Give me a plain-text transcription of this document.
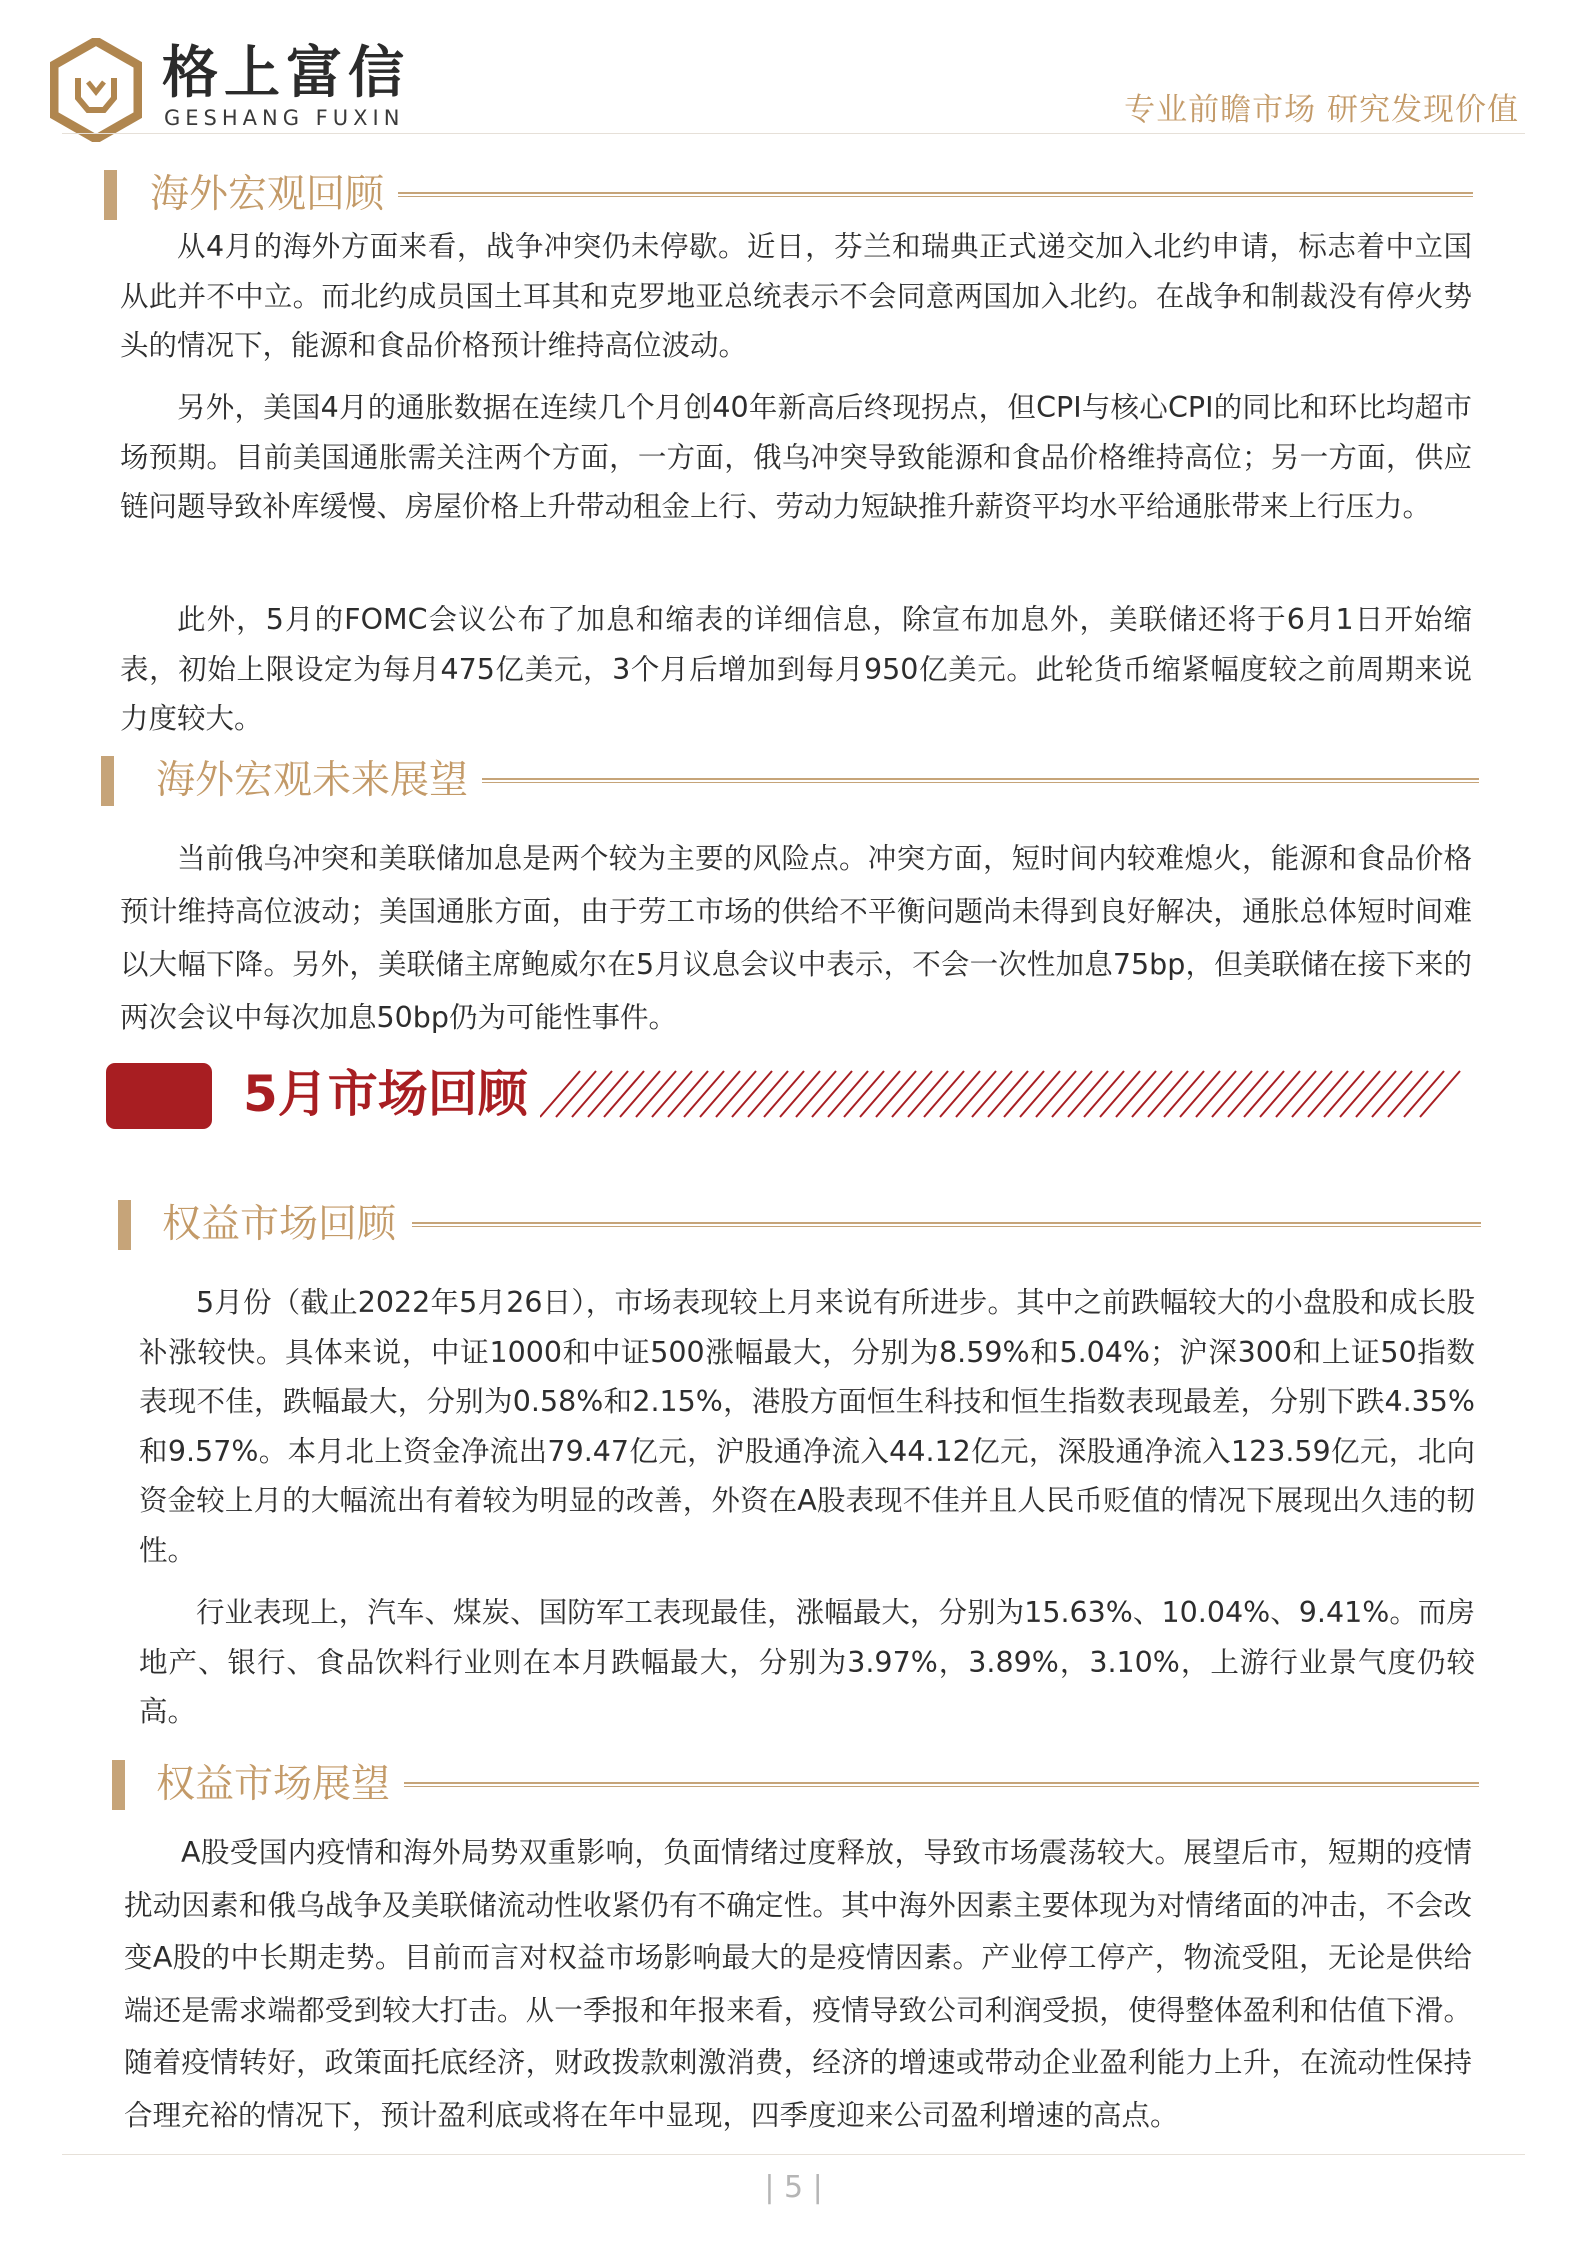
格上富信
GESHANG FUXIN	专业前瞻市场 研究发现价值
海外宏观回顾

从4月的海外方面来看，战争冲突仍未停歇。近日，芬兰和瑞典正式递交加入北约申请，标志着中立国从此并不中立。而北约成员国土耳其和克罗地亚总统表示不会同意两国加入北约。在战争和制裁没有停火势头的情况下，能源和食品价格预计维持高位波动。

另外，美国4月的通胀数据在连续几个月创40年新高后终现拐点，但CPI与核心CPI的同比和环比均超市场预期。目前美国通胀需关注两个方面，一方面，俄乌冲突导致能源和食品价格维持高位；另一方面，供应链问题导致补库缓慢、房屋价格上升带动租金上行、劳动力短缺推升薪资平均水平给通胀带来上行压力。

此外，5月的FOMC会议公布了加息和缩表的详细信息，除宣布加息外，美联储还将于6月1日开始缩表，初始上限设定为每月475亿美元，3个月后增加到每月950亿美元。此轮货币缩紧幅度较之前周期来说力度较大。

海外宏观未来展望

当前俄乌冲突和美联储加息是两个较为主要的风险点。冲突方面，短时间内较难熄火，能源和食品价格预计维持高位波动；美国通胀方面，由于劳工市场的供给不平衡问题尚未得到良好解决，通胀总体短时间难以大幅下降。另外，美联储主席鲍威尔在5月议息会议中表示，不会一次性加息75bp，但美联储在接下来的两次会议中每次加息50bp仍为可能性事件。

5月市场回顾
权益市场回顾

5月份（截止2022年5月26日），市场表现较上月来说有所进步。其中之前跌幅较大的小盘股和成长股补涨较快。具体来说，中证1000和中证500涨幅最大，分别为8.59%和5.04%；沪深300和上证50指数表现不佳，跌幅最大，分别为0.58%和2.15%，港股方面恒生科技和恒生指数表现最差，分别下跌4.35%和9.57%。本月北上资金净流出79.47亿元，沪股通净流入44.12亿元，深股通净流入123.59亿元，北向资金较上月的大幅流出有着较为明显的改善，外资在A股表现不佳并且人民币贬值的情况下展现出久违的韧性。

行业表现上，汽车、煤炭、国防军工表现最佳，涨幅最大，分别为15.63%、10.04%、9.41%。而房地产、银行、食品饮料行业则在本月跌幅最大，分别为3.97%，3.89%，3.10%，上游行业景气度仍较高。

权益市场展望

A股受国内疫情和海外局势双重影响，负面情绪过度释放，导致市场震荡较大。展望后市，短期的疫情扰动因素和俄乌战争及美联储流动性收紧仍有不确定性。其中海外因素主要体现为对情绪面的冲击，不会改变A股的中长期走势。目前而言对权益市场影响最大的是疫情因素。产业停工停产，物流受阻，无论是供给端还是需求端都受到较大打击。从一季报和年报来看，疫情导致公司利润受损，使得整体盈利和估值下滑。随着疫情转好，政策面托底经济，财政拨款刺激消费，经济的增速或带动企业盈利能力上升，在流动性保持合理充裕的情况下，预计盈利底或将在年中显现，四季度迎来公司盈利增速的高点。

| 5 |
